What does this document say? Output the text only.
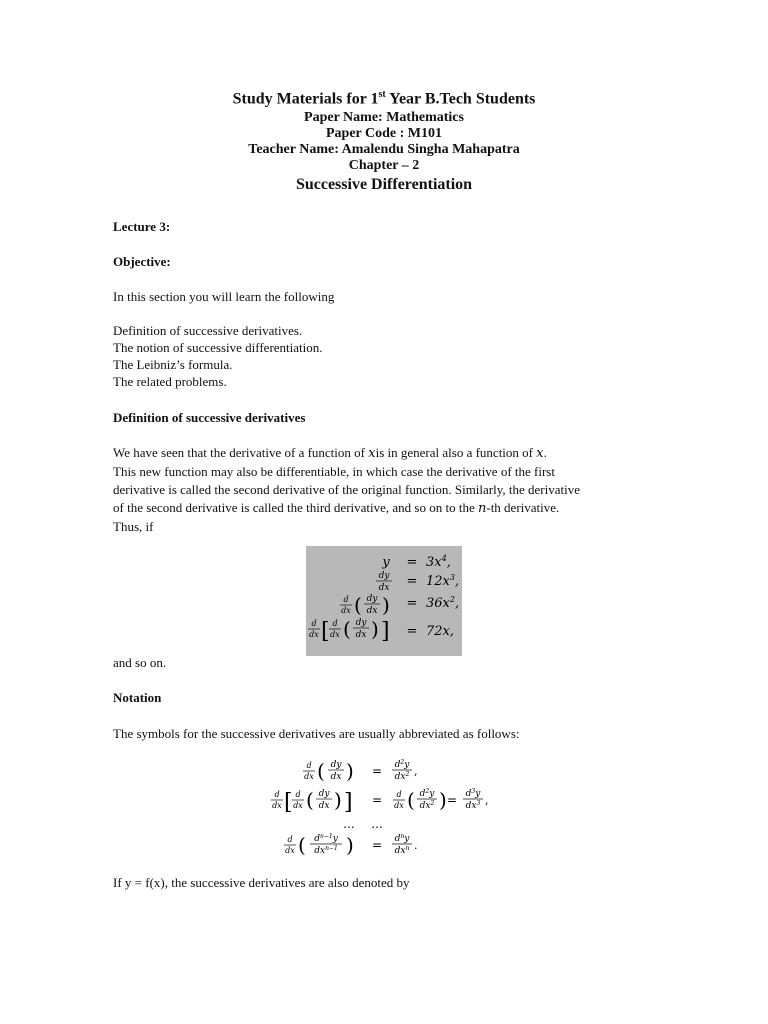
Study Materials for 1st Year B.Tech Students
Paper Name: Mathematics
Paper Code : M101
Teacher Name: Amalendu Singha Mahapatra
Chapter – 2
Successive Differentiation
Lecture 3:
Objective:
In this section you will learn the following
Definition of successive derivatives.
The notion of successive differentiation.
The Leibniz’s formula.
The related problems.
Definition of successive derivatives
We have seen that the derivative of a function of xis in general also a function of x.
This new function may also be differentiable, in which case the derivative of the first
derivative is called the second derivative of the original function. Similarly, the derivative
of the second derivative is called the third derivative, and so on to the n-th derivative.
Thus, if
$y = 3x^4$,
dy
dx = $12x^3$,
d
dx ( dy
dx ) = $36x^2$,
d
dx [ d
dx ( dy
dx ) ] = 72x,
and so on.
Notation
The symbols for the successive derivatives are usually abbreviated as follows:
d
dx ( dy
dx ) = $d^2y$
$dx^2$ ,
d
dx [ d
dx ( dy
dx ) ] = d
dx ( $d^2y$
$dx^2$ ) = $d^3y$
$dx^3$ ,
... ...
d
dx ( $d^{n-1}y$
$dx^{n-1}$ ) = $d^ny$
$dx^n$ .
If y = f(x), the successive derivatives are also denoted by
